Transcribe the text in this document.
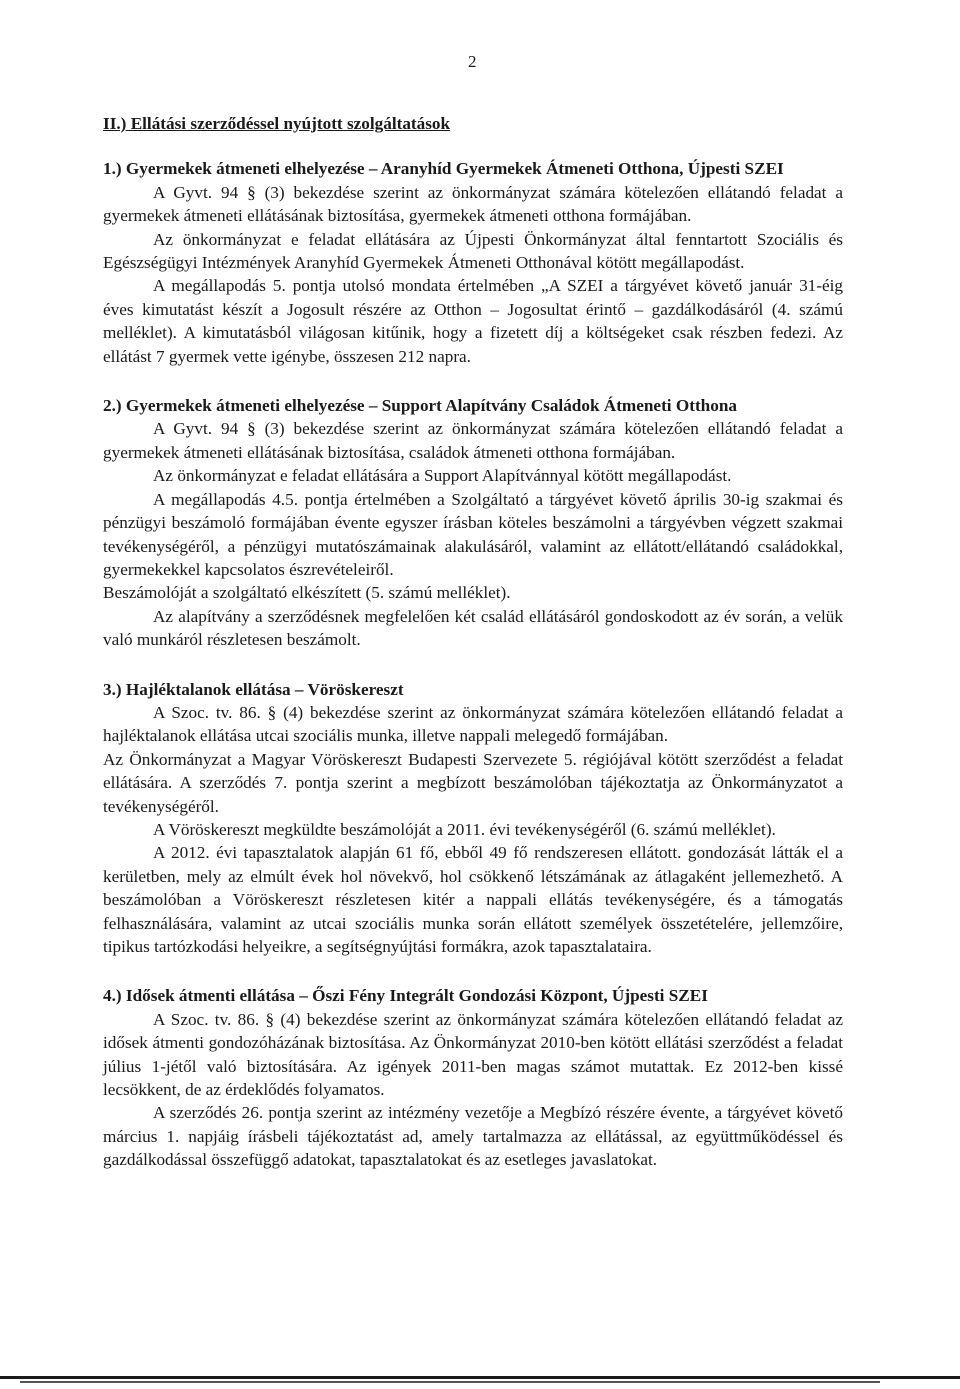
2

II.) Ellátási szerződéssel nyújtott szolgáltatások

1.) Gyermekek átmeneti elhelyezése – Aranyhíd Gyermekek Átmeneti Otthona, Újpesti SZEI

A Gyvt. 94 § (3) bekezdése szerint az önkormányzat számára kötelezően ellátandó feladat a gyermekek átmeneti ellátásának biztosítása, gyermekek átmeneti otthona formájában.

Az önkormányzat e feladat ellátására az Újpesti Önkormányzat által fenntartott Szociális és Egészségügyi Intézmények Aranyhíd Gyermekek Átmeneti Otthonával kötött megállapodást.

A megállapodás 5. pontja utolsó mondata értelmében „A SZEI a tárgyévet követő január 31-éig éves kimutatást készít a Jogosult részére az Otthon – Jogosultat érintő – gazdálkodásáról (4. számú melléklet). A kimutatásból világosan kitűnik, hogy a fizetett díj a költségeket csak részben fedezi. Az ellátást 7 gyermek vette igénybe, összesen 212 napra.

2.) Gyermekek átmeneti elhelyezése – Support Alapítvány Családok Átmeneti Otthona

A Gyvt. 94 § (3) bekezdése szerint az önkormányzat számára kötelezően ellátandó feladat a gyermekek átmeneti ellátásának biztosítása, családok átmeneti otthona formájában.

Az önkormányzat e feladat ellátására a Support Alapítvánnyal kötött megállapodást.

A megállapodás 4.5. pontja értelmében a Szolgáltató a tárgyévet követő április 30-ig szakmai és pénzügyi beszámoló formájában évente egyszer írásban köteles beszámolni a tárgyévben végzett szakmai tevékenységéről, a pénzügyi mutatószámainak alakulásáról, valamint az ellátott/ellátandó családokkal, gyermekekkel kapcsolatos észrevételeiről.

Beszámolóját a szolgáltató elkészített (5. számú melléklet).

Az alapítvány a szerződésnek megfelelően két család ellátásáról gondoskodott az év során, a velük való munkáról részletesen beszámolt.

3.) Hajléktalanok ellátása – Vöröskereszt

A Szoc. tv. 86. § (4) bekezdése szerint az önkormányzat számára kötelezően ellátandó feladat a hajléktalanok ellátása utcai szociális munka, illetve nappali melegedő formájában.

Az Önkormányzat a Magyar Vöröskereszt Budapesti Szervezete 5. régiójával kötött szerződést a feladat ellátására. A szerződés 7. pontja szerint a megbízott beszámolóban tájékoztatja az Önkormányzatot a tevékenységéről.

A Vöröskereszt megküldte beszámolóját a 2011. évi tevékenységéről (6. számú melléklet).

A 2012. évi tapasztalatok alapján 61 fő, ebből 49 fő rendszeresen ellátott. gondozását látták el a kerületben, mely az elmúlt évek hol növekvő, hol csökkenő létszámának az átlagaként jellemezhető. A beszámolóban a Vöröskereszt részletesen kitér a nappali ellátás tevékenységére, és a támogatás felhasználására, valamint az utcai szociális munka során ellátott személyek összetételére, jellemzőire, tipikus tartózkodási helyeikre, a segítségnyújtási formákra, azok tapasztalataira.

4.) Idősek átmenti ellátása – Őszi Fény Integrált Gondozási Központ, Újpesti SZEI

A Szoc. tv. 86. § (4) bekezdése szerint az önkormányzat számára kötelezően ellátandó feladat az idősek átmenti gondozóházának biztosítása. Az Önkormányzat 2010-ben kötött ellátási szerződést a feladat július 1-jétől való biztosítására. Az igények 2011-ben magas számot mutattak. Ez 2012-ben kissé lecsökkent, de az érdeklődés folyamatos.

A szerződés 26. pontja szerint az intézmény vezetője a Megbízó részére évente, a tárgyévet követő március 1. napjáig írásbeli tájékoztatást ad, amely tartalmazza az ellátással, az együttműködéssel és gazdálkodással összefüggő adatokat, tapasztalatokat és az esetleges javaslatokat.
